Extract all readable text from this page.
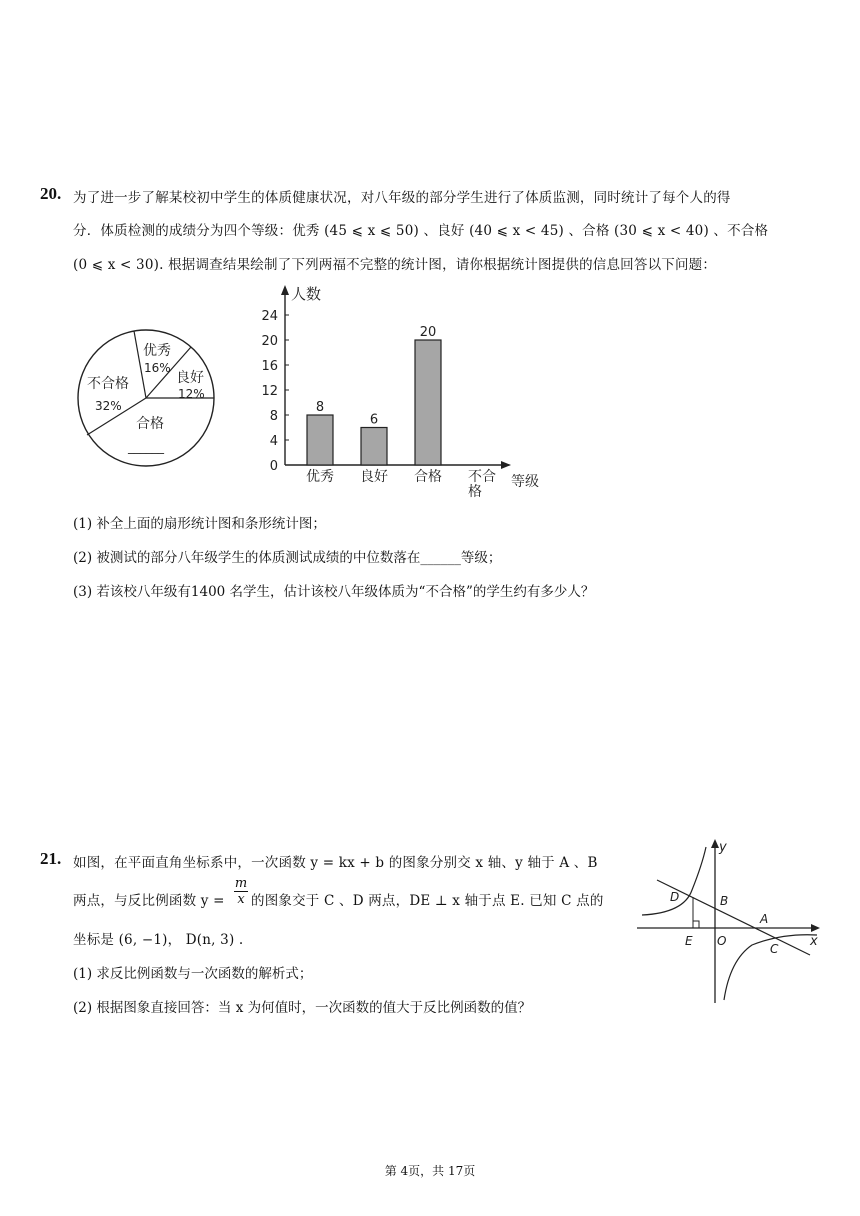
20. 为了进一步了解某校初中学生的体质健康状况，对八年级的部分学生进行了体质监测，同时统计了每个人的得
分．体质检测的成绩分为四个等级：优秀 (45 ⩽ x ⩽ 50) 、良好 (40 ⩽ x < 45) 、合格 (30 ⩽ x < 40) 、不合格
(0 ⩽ x < 30). 根据调查结果绘制了下列两福不完整的统计图，请你根据统计图提供的信息回答以下问题：
优秀
16%
良好
12%
不合格
32%
合格
______
人数
等级
8
优秀
6
良好
20
合格 不合格
0
4
8
12
16
20
24
(1) 补全上面的扇形统计图和条形统计图；
(2) 被测试的部分八年级学生的体质测试成绩的中位数落在______等级；
(3) 若该校八年级有1400 名学生，估计该校八年级体质为“不合格”的学生约有多少人？
21. 如图，在平面直角坐标系中，一次函数 y = kx + b 的图象分别交 x 轴、y 轴于 A 、B
两点，与反比例函数 y =
m
x 的图象交于 C 、D 两点，DE ⊥ x 轴于点 E. 已知 C 点的
坐标是 (6, −1)， D(n, 3) .
(1) 求反比例函数与一次函数的解析式；
(2) 根据图象直接回答：当 x 为何值时，一次函数的值大于反比例函数的值？
x
y
D	B
A
E O
C
第 4页，共 17页
